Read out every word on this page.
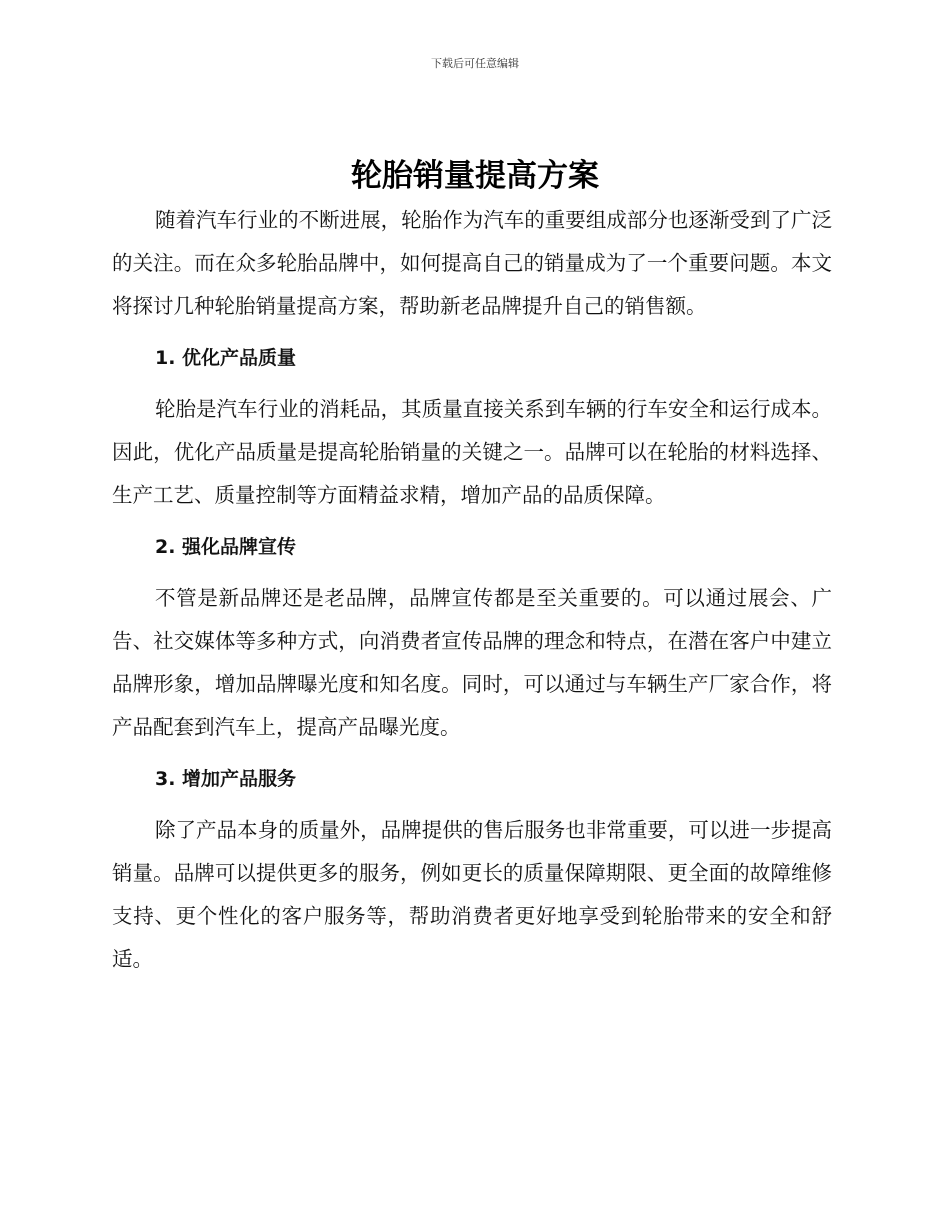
下载后可任意编辑
轮胎销量提高方案

随着汽车行业的不断进展，轮胎作为汽车的重要组成部分也逐渐受到了广泛的关注。而在众多轮胎品牌中，如何提高自己的销量成为了一个重要问题。本文将探讨几种轮胎销量提高方案，帮助新老品牌提升自己的销售额。

1. 优化产品质量

轮胎是汽车行业的消耗品，其质量直接关系到车辆的行车安全和运行成本。因此，优化产品质量是提高轮胎销量的关键之一。品牌可以在轮胎的材料选择、生产工艺、质量控制等方面精益求精，增加产品的品质保障。

2. 强化品牌宣传

不管是新品牌还是老品牌，品牌宣传都是至关重要的。可以通过展会、广告、社交媒体等多种方式，向消费者宣传品牌的理念和特点，在潜在客户中建立品牌形象，增加品牌曝光度和知名度。同时，可以通过与车辆生产厂家合作，将产品配套到汽车上，提高产品曝光度。

3. 增加产品服务

除了产品本身的质量外，品牌提供的售后服务也非常重要，可以进一步提高销量。品牌可以提供更多的服务，例如更长的质量保障期限、更全面的故障维修支持、更个性化的客户服务等，帮助消费者更好地享受到轮胎带来的安全和舒适。
